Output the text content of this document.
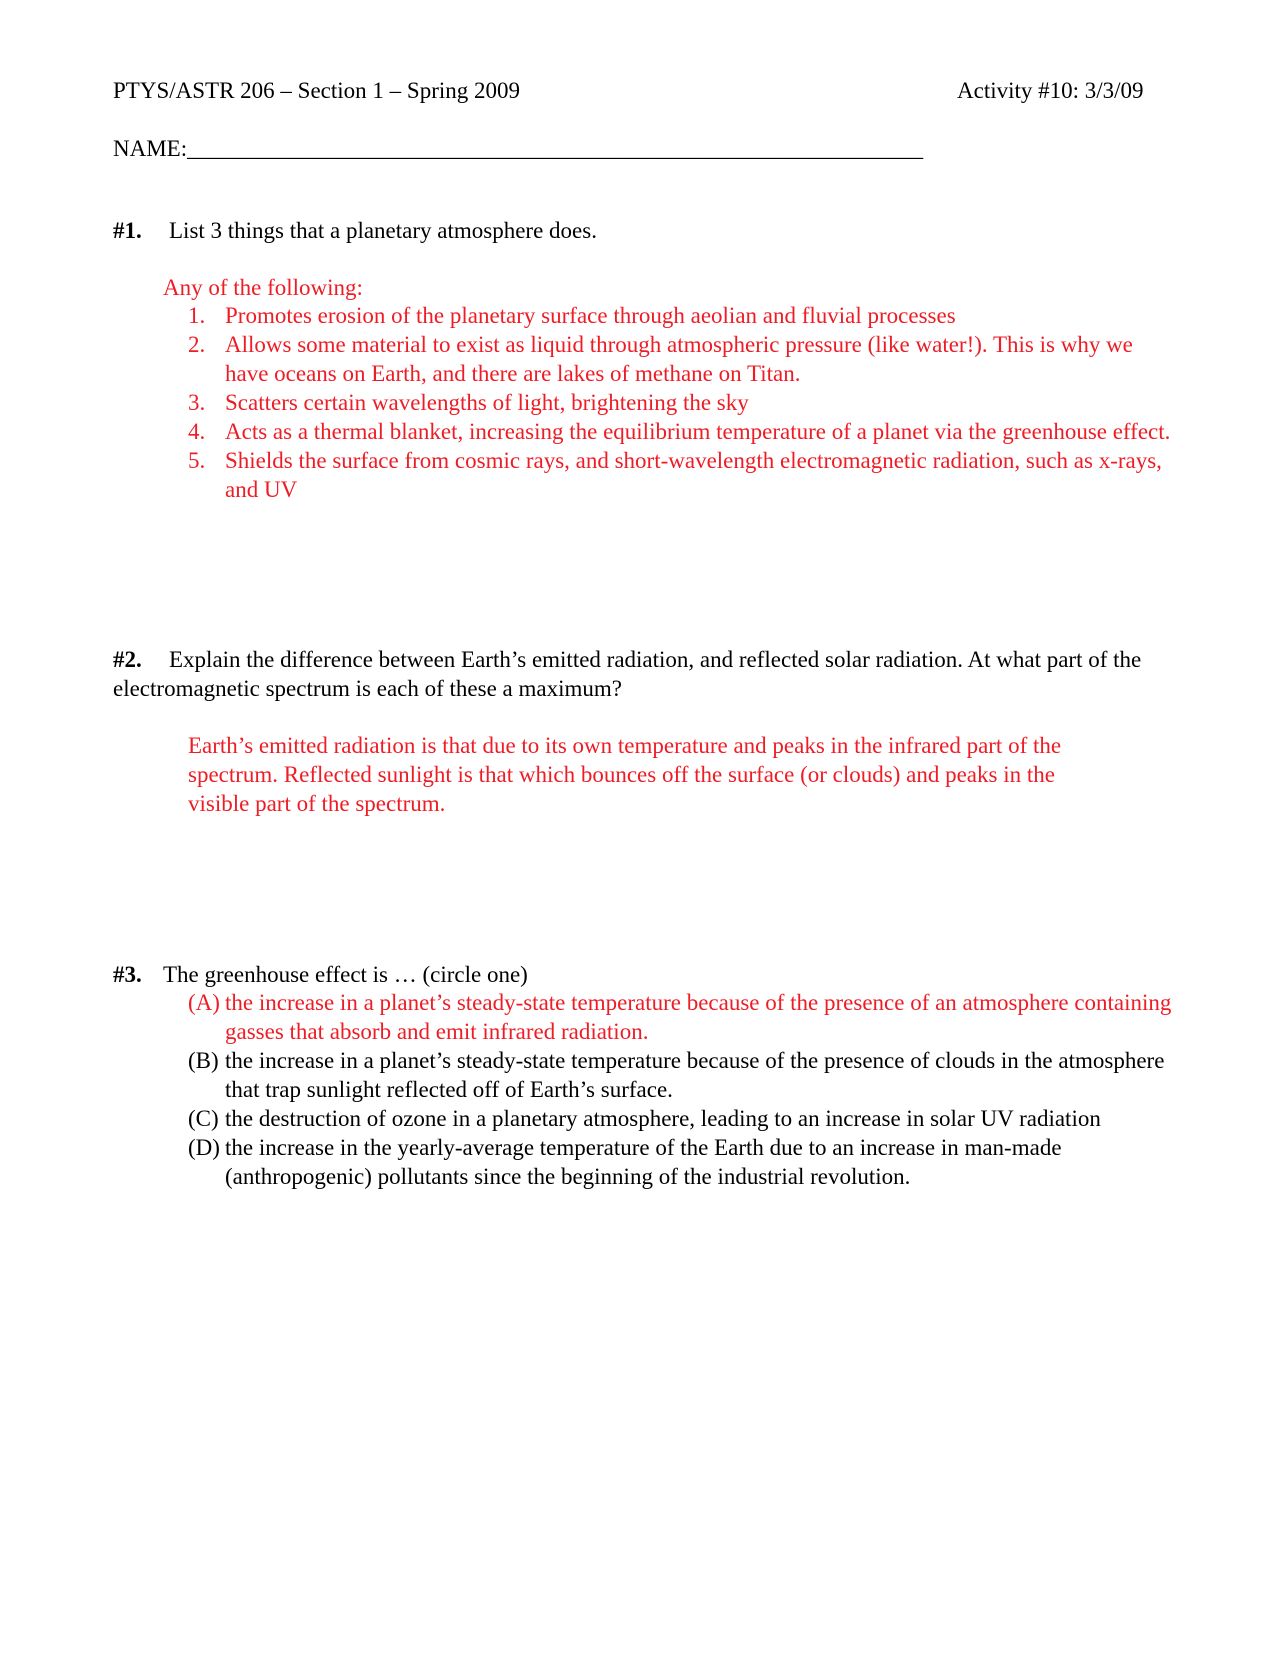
PTYS/ASTR 206 – Section 1 – Spring 2009	Activity #10: 3/3/09
NAME:________________________________________________________________
#1. List 3 things that a planetary atmosphere does.
Any of the following:
1. Promotes erosion of the planetary surface through aeolian and fluvial processes
2. Allows some material to exist as liquid through atmospheric pressure (like water!). This is why we have oceans on Earth, and there are lakes of methane on Titan.
3. Scatters certain wavelengths of light, brightening the sky
4. Acts as a thermal blanket, increasing the equilibrium temperature of a planet via the greenhouse effect.
5. Shields the surface from cosmic rays, and short-wavelength electromagnetic radiation, such as x-rays, and UV
#2. Explain the difference between Earth’s emitted radiation, and reflected solar radiation. At what part of the electromagnetic spectrum is each of these a maximum?
Earth’s emitted radiation is that due to its own temperature and peaks in the infrared part of the spectrum. Reflected sunlight is that which bounces off the surface (or clouds) and peaks in the visible part of the spectrum.
#3. The greenhouse effect is … (circle one)
(A) the increase in a planet’s steady-state temperature because of the presence of an atmosphere containing gasses that absorb and emit infrared radiation.
(B) the increase in a planet’s steady-state temperature because of the presence of clouds in the atmosphere that trap sunlight reflected off of Earth’s surface.
(C) the destruction of ozone in a planetary atmosphere, leading to an increase in solar UV radiation
(D) the increase in the yearly-average temperature of the Earth due to an increase in man-made (anthropogenic) pollutants since the beginning of the industrial revolution.
